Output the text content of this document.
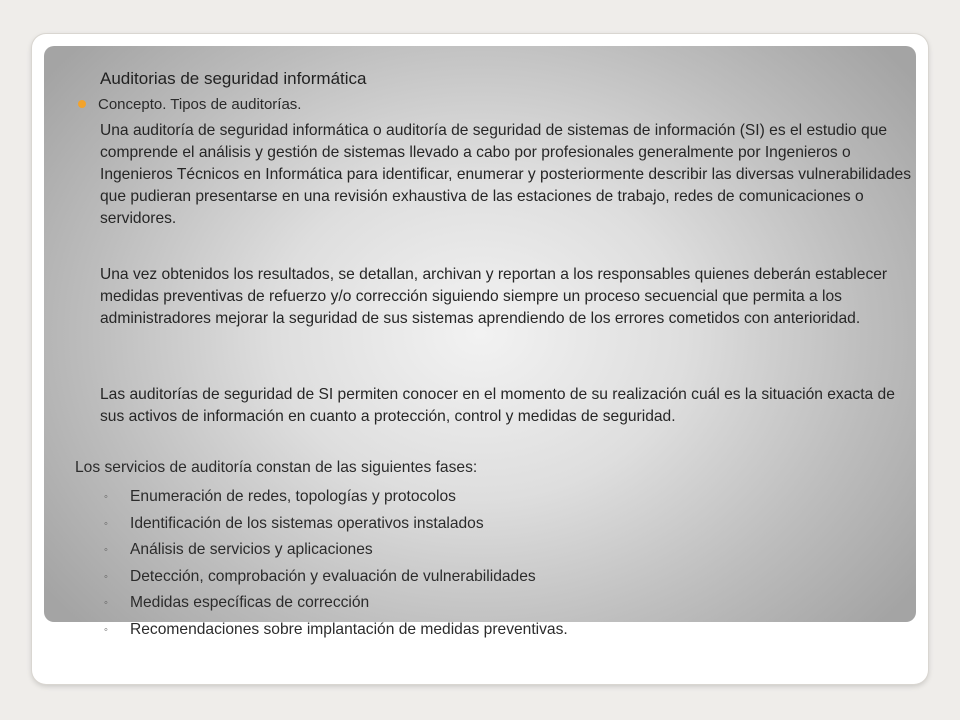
Auditorias de seguridad informática
Concepto. Tipos de auditorías.
Una auditoría de seguridad informática o auditoría de seguridad de sistemas de información (SI) es el estudio que comprende el análisis y gestión de sistemas llevado a cabo por profesionales generalmente por Ingenieros o Ingenieros Técnicos en Informática para identificar, enumerar y posteriormente describir las diversas vulnerabilidades que pudieran presentarse en una revisión exhaustiva de las estaciones de trabajo, redes de comunicaciones o servidores.
Una vez obtenidos los resultados, se detallan, archivan y reportan a los responsables quienes deberán establecer medidas preventivas de refuerzo y/o corrección siguiendo siempre un proceso secuencial que permita a los administradores mejorar la seguridad de sus sistemas aprendiendo de los errores cometidos con anterioridad.
Las auditorías de seguridad de SI permiten conocer en el momento de su realización cuál es la situación exacta de sus activos de información en cuanto a protección, control y medidas de seguridad.
Los servicios de auditoría constan de las siguientes fases:
◦ Enumeración de redes, topologías y protocolos
◦ Identificación de los sistemas operativos instalados
◦ Análisis de servicios y aplicaciones
◦ Detección, comprobación y evaluación de vulnerabilidades
◦ Medidas específicas de corrección
◦ Recomendaciones sobre implantación de medidas preventivas.
